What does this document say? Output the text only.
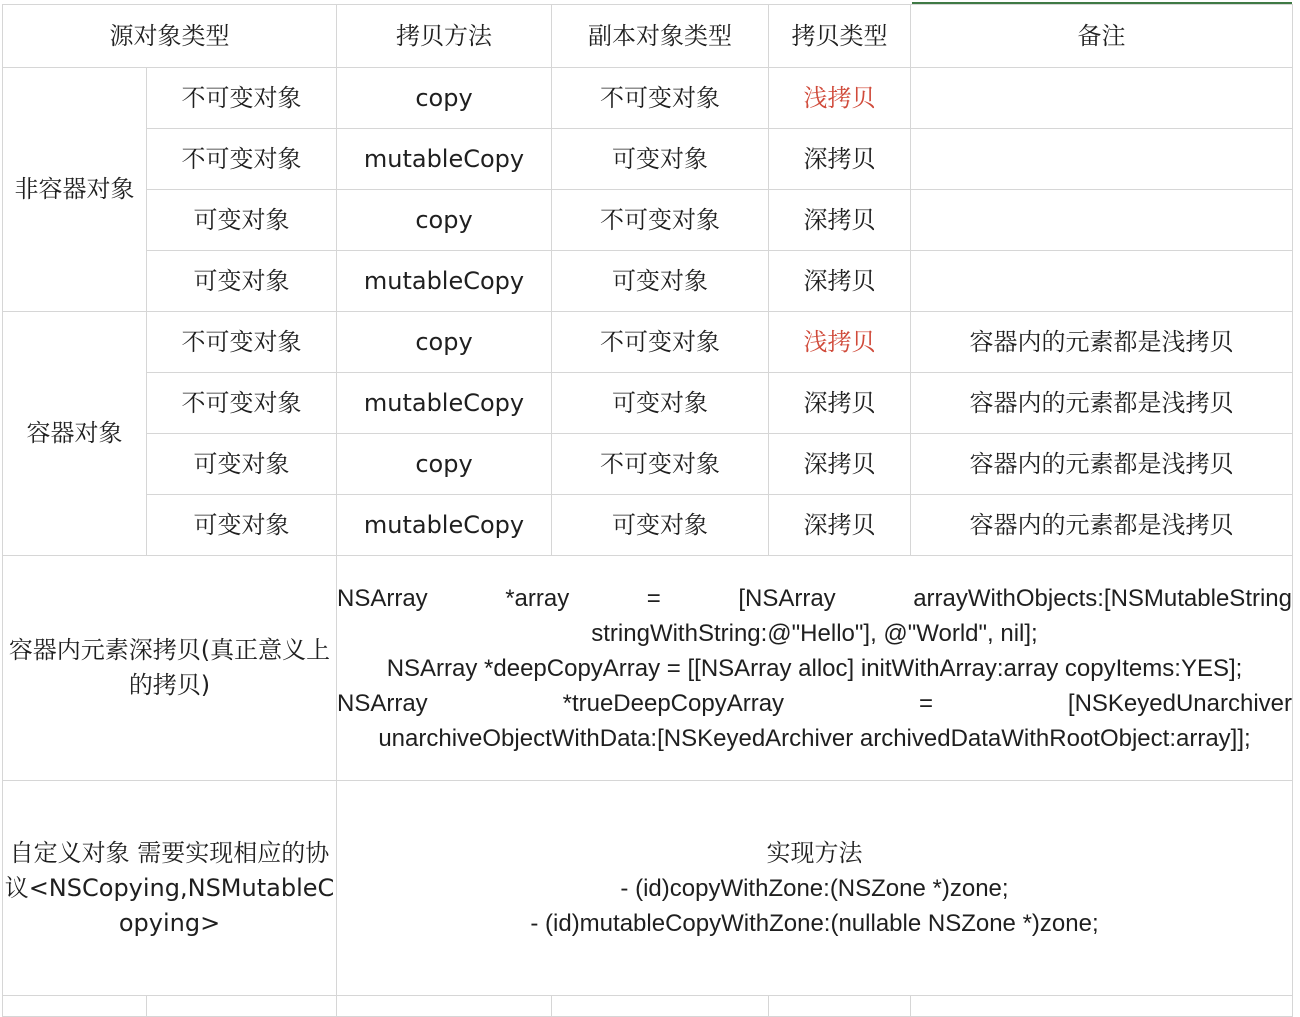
源对象类型		拷贝方法	副本对象类型	拷贝类型	备注
非容器对象	不可变对象	copy	不可变对象	浅拷贝	
	不可变对象	mutableCopy	可变对象	深拷贝	
	可变对象	copy	不可变对象	深拷贝	
	可变对象	mutableCopy	可变对象	深拷贝	
容器对象	不可变对象	copy	不可变对象	浅拷贝	容器内的元素都是浅拷贝
	不可变对象	mutableCopy	可变对象	深拷贝	容器内的元素都是浅拷贝
	可变对象	copy	不可变对象	深拷贝	容器内的元素都是浅拷贝
	可变对象	mutableCopy	可变对象	深拷贝	容器内的元素都是浅拷贝
容器内元素深拷贝(真正意义上的拷贝)		NSArray *array = [NSArray arrayWithObjects:[NSMutableString
stringWithString:@"Hello"], @"World", nil];
NSArray *deepCopyArray = [[NSArray alloc] initWithArray:array copyItems:YES];
NSArray *trueDeepCopyArray = [NSKeyedUnarchiver
unarchiveObjectWithData:[NSKeyedArchiver archivedDataWithRootObject:array]];			

自定义对象 需要实现相应的协议<NSCopying,NSMutableCopying>		实现方法
- (id)copyWithZone:(NSZone *)zone;
- (id)mutableCopyWithZone:(nullable NSZone *)zone;			
